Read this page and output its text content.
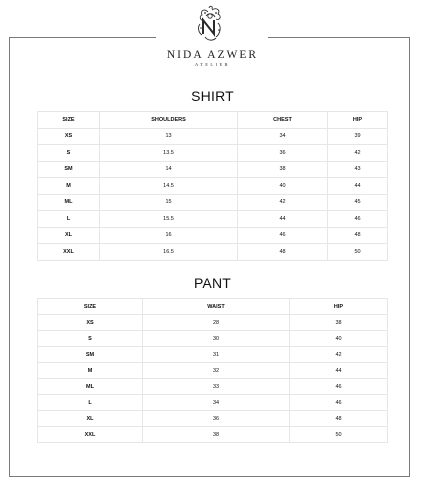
NIDA AZWER
ATELIER
SHIRT
SIZE	SHOULDERS	CHEST	HIP
XS	13	34	39
S	13.5	36	42
SM	14	38	43
M	14.5	40	44
ML	15	42	45
L	15.5	44	46
XL	16	46	48
XXL	16.5	48	50
PANT
SIZE	WAIST	HIP
XS	28	38
S	30	40
SM	31	42
M	32	44
ML	33	46
L	34	46
XL	36	48
XXL	38	50
